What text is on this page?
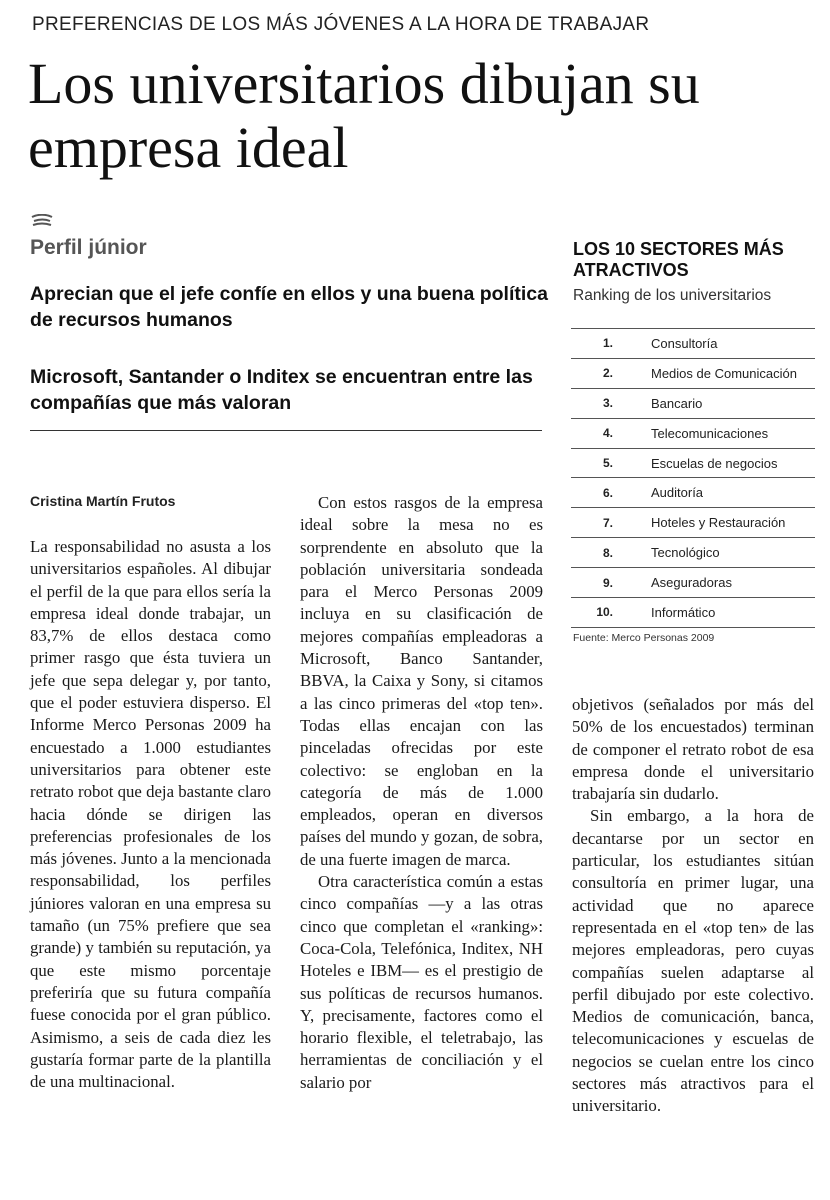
PREFERENCIAS DE LOS MÁS JÓVENES A LA HORA DE TRABAJAR
Los universitarios dibujan su empresa ideal
Perfil júnior
Aprecian que el jefe confíe en ellos y una buena política de recursos humanos
Microsoft, Santander o Inditex se encuentran entre las compañías que más valoran
Cristina Martín Frutos

La responsabilidad no asusta a los universitarios españoles. Al dibujar el perfil de la que para ellos sería la empresa ideal donde trabajar, un 83,7% de ellos destaca como primer rasgo que ésta tuviera un jefe que sepa delegar y, por tanto, que el poder estuviera disperso. El Informe Merco Personas 2009 ha encuestado a 1.000 estudiantes universitarios para obtener este retrato robot que deja bastante claro hacia dónde se dirigen las preferencias profesionales de los más jóvenes. Junto a la mencionada responsabilidad, los perfiles júniores valoran en una empresa su tamaño (un 75% prefiere que sea grande) y también su reputación, ya que este mismo porcentaje preferiría que su futura compañía fuese conocida por el gran público. Asimismo, a seis de cada diez les gustaría formar parte de la plantilla de una multinacional.

Con estos rasgos de la empresa ideal sobre la mesa no es sorprendente en absoluto que la población universitaria sondeada para el Merco Personas 2009 incluya en su clasificación de mejores compañías empleadoras a Microsoft, Banco Santander, BBVA, la Caixa y Sony, si citamos a las cinco primeras del «top ten». Todas ellas encajan con las pinceladas ofrecidas por este colectivo: se engloban en la categoría de más de 1.000 empleados, operan en diversos países del mundo y gozan, de sobra, de una fuerte imagen de marca.

Otra característica común a estas cinco compañías —y a las otras cinco que completan el «ranking»: Coca-Cola, Telefónica, Inditex, NH Hoteles e IBM— es el prestigio de sus políticas de recursos humanos. Y, precisamente, factores como el horario flexible, el teletrabajo, las herramientas de conciliación y el salario por

objetivos (señalados por más del 50% de los encuestados) terminan de componer el retrato robot de esa empresa donde el universitario trabajaría sin dudarlo.

Sin embargo, a la hora de decantarse por un sector en particular, los estudiantes sitúan consultoría en primer lugar, una actividad que no aparece representada en el «top ten» de las mejores empleadoras, pero cuyas compañías suelen adaptarse al perfil dibujado por este colectivo. Medios de comunicación, banca, telecomunicaciones y escuelas de negocios se cuelan entre los cinco sectores más atractivos para el universitario.

LOS 10 SECTORES MÁS ATRACTIVOS
Ranking de los universitarios
1.	Consultoría
2.	Medios de Comunicación
3.	Bancario
4.	Telecomunicaciones
5.	Escuelas de negocios
6.	Auditoría
7.	Hoteles y Restauración
8.	Tecnológico
9.	Aseguradoras
10.	Informático
Fuente: Merco Personas 2009
